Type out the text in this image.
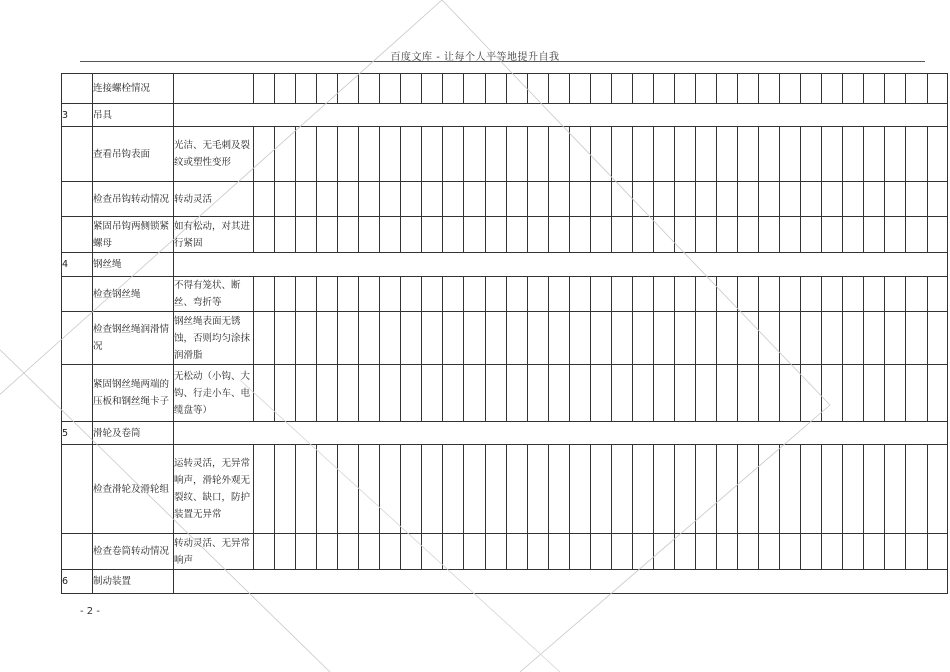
百度文库 - 让每个人平等地提升自我
	连接螺栓情况																																		
3	吊具																																		
	查看吊钩表面	光洁、无毛刺及裂纹或塑性变形																																	
	检查吊钩转动情况	转动灵活																																	
	紧固吊钩两侧锁紧螺母	如有松动，对其进行紧固																																	
4	钢丝绳																																		
	检查钢丝绳	不得有笼状、断丝、弯折等																																	
	检查钢丝绳润滑情况	钢丝绳表面无锈蚀，否则均匀涂抹润滑脂																																	
	紧固钢丝绳两端的压板和钢丝绳卡子	无松动（小钩、大钩、行走小车、电缆盘等）																																	
5	滑轮及卷筒																																		
	检查滑轮及滑轮组	运转灵活，无异常响声，滑轮外观无裂纹、缺口，防护装置无异常																																	
	检查卷筒转动情况	转动灵活、无异常响声																																	
6	制动装置																																		
- 2 -
